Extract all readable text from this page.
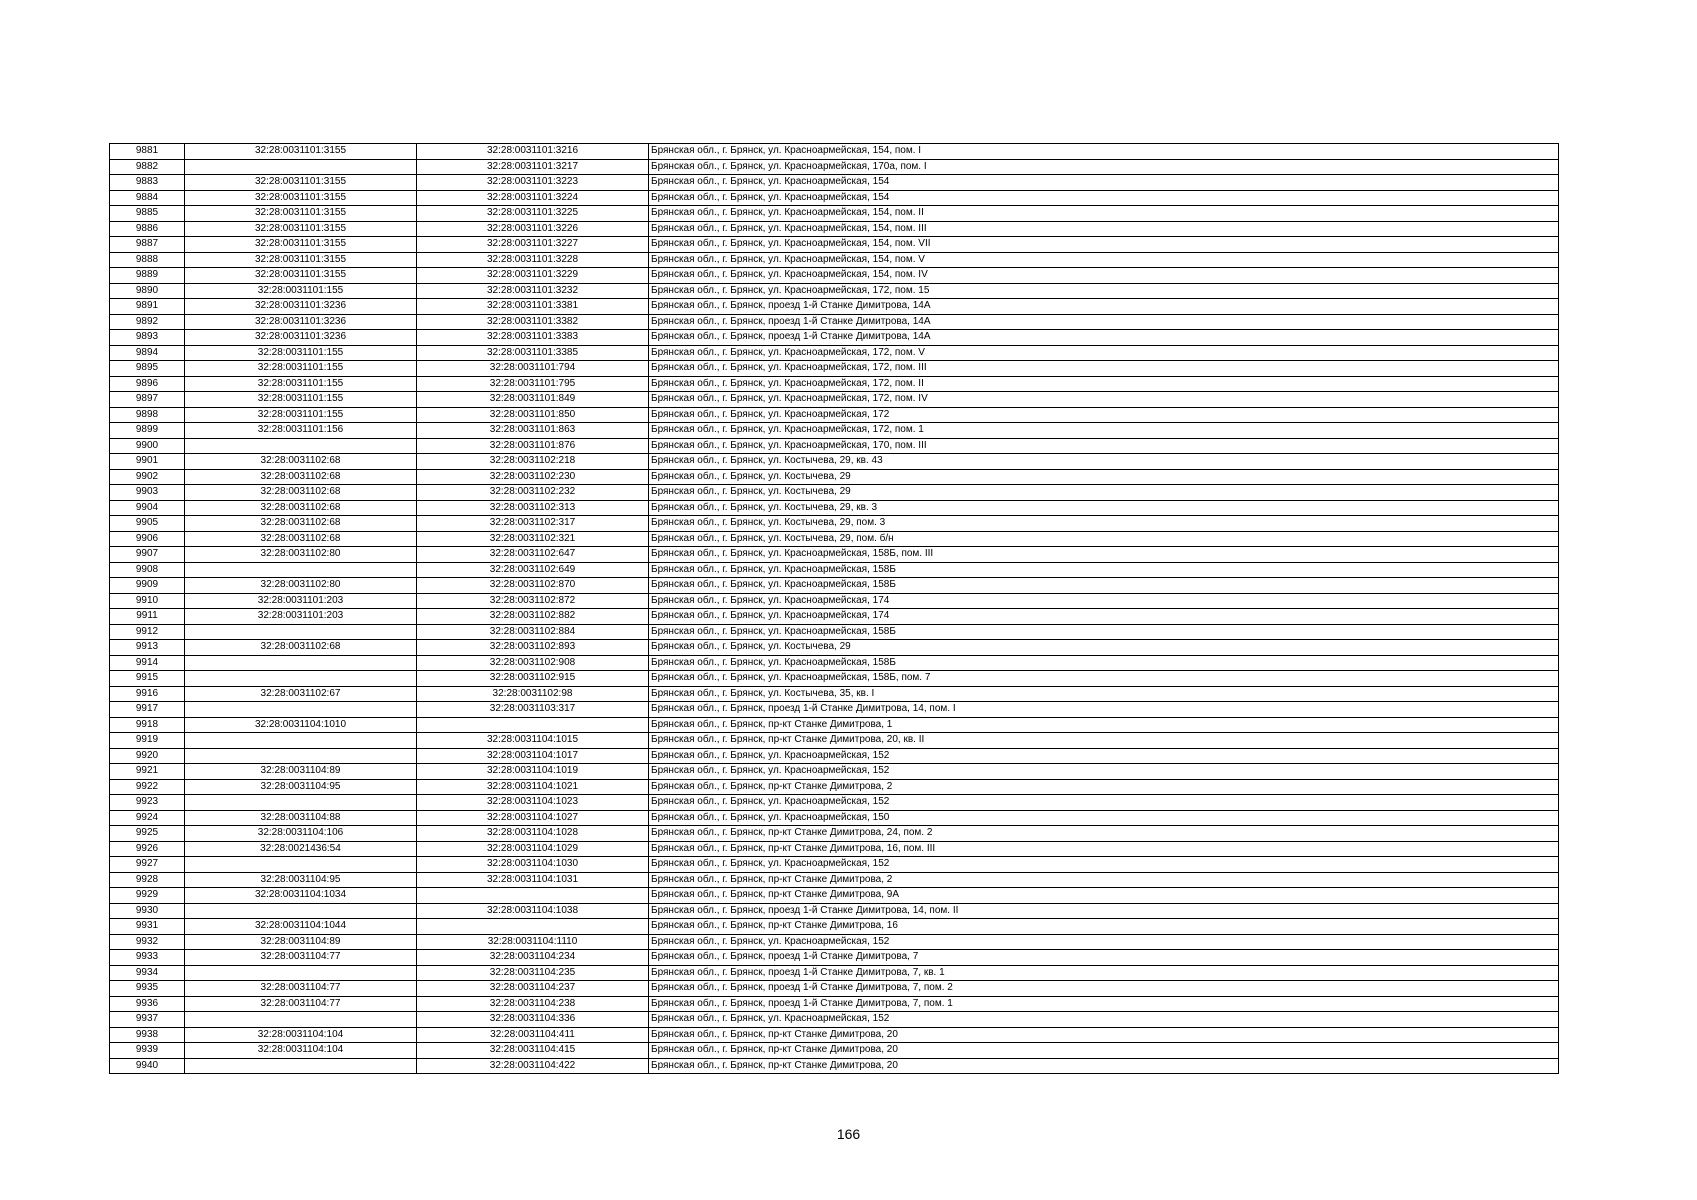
9881	32:28:0031101:3155	32:28:0031101:3216	Брянская обл., г. Брянск, ул. Красноармейская, 154, пом. I
9882		32:28:0031101:3217	Брянская обл., г. Брянск, ул. Красноармейская, 170а, пом. I
9883	32:28:0031101:3155	32:28:0031101:3223	Брянская обл., г. Брянск, ул. Красноармейская, 154
9884	32:28:0031101:3155	32:28:0031101:3224	Брянская обл., г. Брянск, ул. Красноармейская, 154
9885	32:28:0031101:3155	32:28:0031101:3225	Брянская обл., г. Брянск, ул. Красноармейская, 154, пом. II
9886	32:28:0031101:3155	32:28:0031101:3226	Брянская обл., г. Брянск, ул. Красноармейская, 154, пом. III
9887	32:28:0031101:3155	32:28:0031101:3227	Брянская обл., г. Брянск, ул. Красноармейская, 154, пом. VII
9888	32:28:0031101:3155	32:28:0031101:3228	Брянская обл., г. Брянск, ул. Красноармейская, 154, пом. V
9889	32:28:0031101:3155	32:28:0031101:3229	Брянская обл., г. Брянск, ул. Красноармейская, 154, пом. IV
9890	32:28:0031101:155	32:28:0031101:3232	Брянская обл., г. Брянск, ул. Красноармейская, 172, пом. 15
9891	32:28:0031101:3236	32:28:0031101:3381	Брянская обл., г. Брянск, проезд 1-й Станке Димитрова, 14А
9892	32:28:0031101:3236	32:28:0031101:3382	Брянская обл., г. Брянск, проезд 1-й Станке Димитрова, 14А
9893	32:28:0031101:3236	32:28:0031101:3383	Брянская обл., г. Брянск, проезд 1-й Станке Димитрова, 14А
9894	32:28:0031101:155	32:28:0031101:3385	Брянская обл., г. Брянск, ул. Красноармейская, 172, пом. V
9895	32:28:0031101:155	32:28:0031101:794	Брянская обл., г. Брянск, ул. Красноармейская, 172, пом. III
9896	32:28:0031101:155	32:28:0031101:795	Брянская обл., г. Брянск, ул. Красноармейская, 172, пом. II
9897	32:28:0031101:155	32:28:0031101:849	Брянская обл., г. Брянск, ул. Красноармейская, 172, пом. IV
9898	32:28:0031101:155	32:28:0031101:850	Брянская обл., г. Брянск, ул. Красноармейская, 172
9899	32:28:0031101:156	32:28:0031101:863	Брянская обл., г. Брянск, ул. Красноармейская, 172, пом. 1
9900		32:28:0031101:876	Брянская обл., г. Брянск, ул. Красноармейская, 170, пом. III
9901	32:28:0031102:68	32:28:0031102:218	Брянская обл., г. Брянск, ул. Костычева, 29, кв. 43
9902	32:28:0031102:68	32:28:0031102:230	Брянская обл., г. Брянск, ул. Костычева, 29
9903	32:28:0031102:68	32:28:0031102:232	Брянская обл., г. Брянск, ул. Костычева, 29
9904	32:28:0031102:68	32:28:0031102:313	Брянская обл., г. Брянск, ул. Костычева, 29, кв. 3
9905	32:28:0031102:68	32:28:0031102:317	Брянская обл., г. Брянск, ул. Костычева, 29, пом. 3
9906	32:28:0031102:68	32:28:0031102:321	Брянская обл., г. Брянск, ул. Костычева, 29, пом. б/н
9907	32:28:0031102:80	32:28:0031102:647	Брянская обл., г. Брянск, ул. Красноармейская, 158Б, пом. III
9908		32:28:0031102:649	Брянская обл., г. Брянск, ул. Красноармейская, 158Б
9909	32:28:0031102:80	32:28:0031102:870	Брянская обл., г. Брянск, ул. Красноармейская, 158Б
9910	32:28:0031101:203	32:28:0031102:872	Брянская обл., г. Брянск, ул. Красноармейская, 174
9911	32:28:0031101:203	32:28:0031102:882	Брянская обл., г. Брянск, ул. Красноармейская, 174
9912		32:28:0031102:884	Брянская обл., г. Брянск, ул. Красноармейская, 158Б
9913	32:28:0031102:68	32:28:0031102:893	Брянская обл., г. Брянск, ул. Костычева, 29
9914		32:28:0031102:908	Брянская обл., г. Брянск, ул. Красноармейская, 158Б
9915		32:28:0031102:915	Брянская обл., г. Брянск, ул. Красноармейская, 158Б, пом. 7
9916	32:28:0031102:67	32:28:0031102:98	Брянская обл., г. Брянск, ул. Костычева, 35, кв. I
9917		32:28:0031103:317	Брянская обл., г. Брянск, проезд 1-й Станке Димитрова, 14, пом. I
9918	32:28:0031104:1010		Брянская обл., г. Брянск, пр-кт Станке Димитрова, 1
9919		32:28:0031104:1015	Брянская обл., г. Брянск, пр-кт Станке Димитрова, 20, кв. II
9920		32:28:0031104:1017	Брянская обл., г. Брянск, ул. Красноармейская, 152
9921	32:28:0031104:89	32:28:0031104:1019	Брянская обл., г. Брянск, ул. Красноармейская, 152
9922	32:28:0031104:95	32:28:0031104:1021	Брянская обл., г. Брянск, пр-кт Станке Димитрова, 2
9923		32:28:0031104:1023	Брянская обл., г. Брянск, ул. Красноармейская, 152
9924	32:28:0031104:88	32:28:0031104:1027	Брянская обл., г. Брянск, ул. Красноармейская, 150
9925	32:28:0031104:106	32:28:0031104:1028	Брянская обл., г. Брянск, пр-кт Станке Димитрова, 24, пом. 2
9926	32:28:0021436:54	32:28:0031104:1029	Брянская обл., г. Брянск, пр-кт Станке Димитрова, 16, пом. III
9927		32:28:0031104:1030	Брянская обл., г. Брянск, ул. Красноармейская, 152
9928	32:28:0031104:95	32:28:0031104:1031	Брянская обл., г. Брянск, пр-кт Станке Димитрова, 2
9929	32:28:0031104:1034		Брянская обл., г. Брянск, пр-кт Станке Димитрова, 9А
9930		32:28:0031104:1038	Брянская обл., г. Брянск, проезд 1-й Станке Димитрова, 14, пом. II
9931	32:28:0031104:1044		Брянская обл., г. Брянск, пр-кт Станке Димитрова, 16
9932	32:28:0031104:89	32:28:0031104:1110	Брянская обл., г. Брянск, ул. Красноармейская, 152
9933	32:28:0031104:77	32:28:0031104:234	Брянская обл., г. Брянск, проезд 1-й Станке Димитрова, 7
9934		32:28:0031104:235	Брянская обл., г. Брянск, проезд 1-й Станке Димитрова, 7, кв. 1
9935	32:28:0031104:77	32:28:0031104:237	Брянская обл., г. Брянск, проезд 1-й Станке Димитрова, 7, пом. 2
9936	32:28:0031104:77	32:28:0031104:238	Брянская обл., г. Брянск, проезд 1-й Станке Димитрова, 7, пом. 1
9937		32:28:0031104:336	Брянская обл., г. Брянск, ул. Красноармейская, 152
9938	32:28:0031104:104	32:28:0031104:411	Брянская обл., г. Брянск, пр-кт Станке Димитрова, 20
9939	32:28:0031104:104	32:28:0031104:415	Брянская обл., г. Брянск, пр-кт Станке Димитрова, 20
9940		32:28:0031104:422	Брянская обл., г. Брянск, пр-кт Станке Димитрова, 20
166
